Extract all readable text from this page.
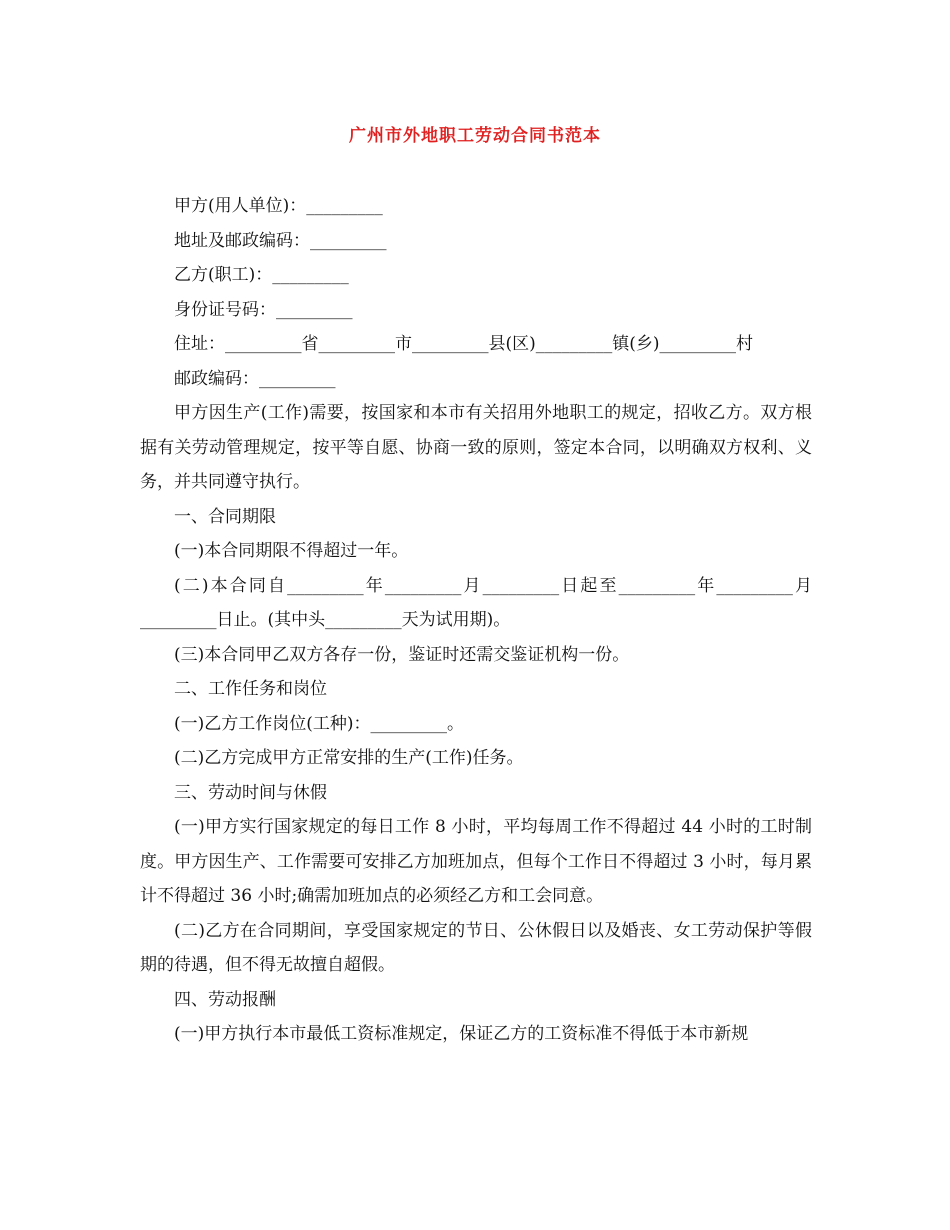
广州市外地职工劳动合同书范本

甲方(用人单位)：_________

地址及邮政编码：_________

乙方(职工)：_________

身份证号码：_________

住址：_________省_________市_________县(区)_________镇(乡)_________村

邮政编码：_________

甲方因生产(工作)需要，按国家和本市有关招用外地职工的规定，招收乙方。双方根据有关劳动管理规定，按平等自愿、协商一致的原则，签定本合同，以明确双方权利、义务，并共同遵守执行。

一、合同期限

(一)本合同期限不得超过一年。

(二)本合同自_________年_________月_________日起至_________年_________月_________日止。(其中头_________天为试用期)。

(三)本合同甲乙双方各存一份，鉴证时还需交鉴证机构一份。

二、工作任务和岗位

(一)乙方工作岗位(工种)：_________。

(二)乙方完成甲方正常安排的生产(工作)任务。

三、劳动时间与休假

(一)甲方实行国家规定的每日工作 8 小时，平均每周工作不得超过 44 小时的工时制度。甲方因生产、工作需要可安排乙方加班加点，但每个工作日不得超过 3 小时，每月累计不得超过 36 小时;确需加班加点的必须经乙方和工会同意。

(二)乙方在合同期间，享受国家规定的节日、公休假日以及婚丧、女工劳动保护等假期的待遇，但不得无故擅自超假。

四、劳动报酬

(一)甲方执行本市最低工资标准规定，保证乙方的工资标准不得低于本市新规
